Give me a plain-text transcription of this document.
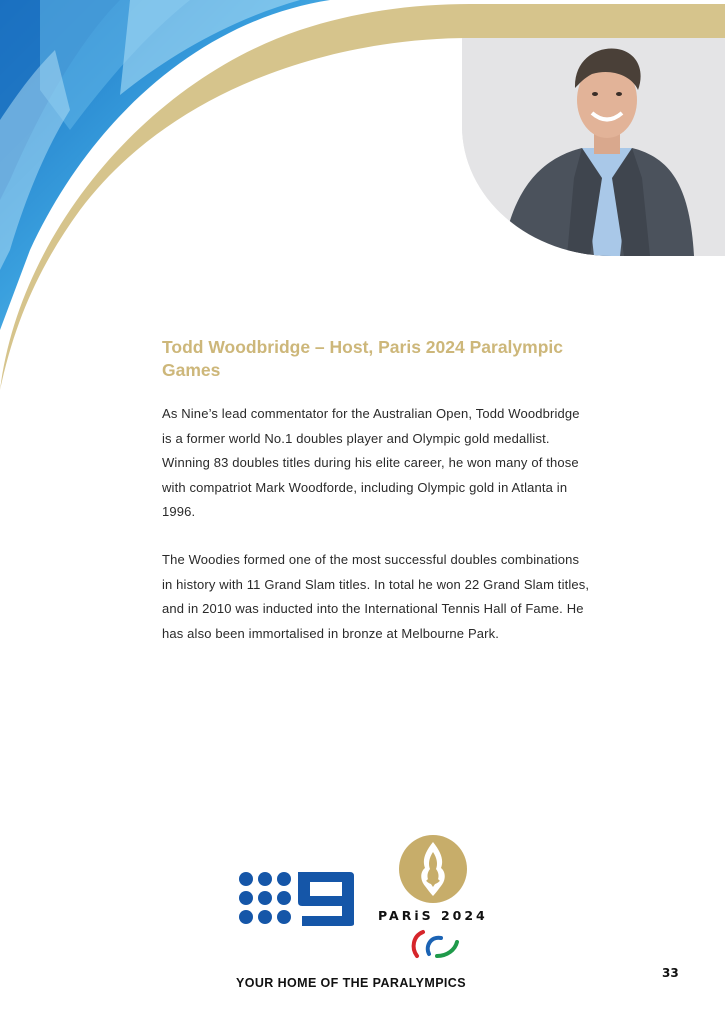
Todd Woodbridge – Host, Paris 2024 Paralympic Games

As Nine’s lead commentator for the Australian Open, Todd Woodbridge is a former world No.1 doubles player and Olympic gold medallist. Winning 83 doubles titles during his elite career, he won many of those with compatriot Mark Woodforde, including Olympic gold in Atlanta in 1996.

The Woodies formed one of the most successful doubles combinations in history with 11 Grand Slam titles. In total he won 22 Grand Slam titles, and in 2010 was inducted into the International Tennis Hall of Fame. He has also been immortalised in bronze at Melbourne Park.

PARiS 2024
YOUR HOME OF THE PARALYMPICS
33
